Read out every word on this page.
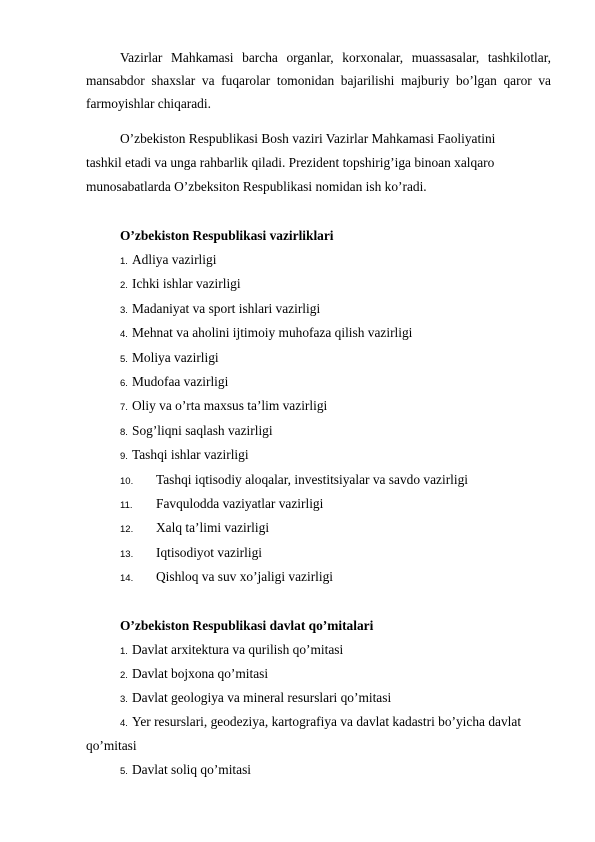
Vazirlar Mahkamasi barcha organlar, korxonalar, muassasalar, tashkilotlar, mansabdor shaxslar va fuqarolar tomonidan bajarilishi majburiy bo’lgan qaror va farmoyishlar chiqaradi.

O’zbekiston Respublikasi Bosh vaziri Vazirlar Mahkamasi Faoliyatini
tashkil etadi va unga rahbarlik qiladi. Prezident topshirig’iga binoan xalqaro
munosabatlarda O’zbeksiton Respublikasi nomidan ish ko’radi.
O’zbekiston Respublikasi vazirliklari
1. Adliya vazirligi
2. Ichki ishlar vazirligi
3. Madaniyat va sport ishlari vazirligi
4. Mehnat va aholini ijtimoiy muhofaza qilish vazirligi
5. Moliya vazirligi
6. Mudofaa vazirligi
7. Oliy va o’rta maxsus ta’lim vazirligi
8. Sog’liqni saqlash vazirligi
9. Tashqi ishlar vazirligi
10. Tashqi iqtisodiy aloqalar, investitsiyalar va savdo vazirligi
11. Favqulodda vaziyatlar vazirligi
12. Xalq ta’limi vazirligi
13. Iqtisodiyot vazirligi
14. Qishloq va suv xo’jaligi vazirligi
O’zbekiston Respublikasi davlat qo’mitalari
1. Davlat arxitektura va qurilish qo’mitasi
2. Davlat bojxona qo’mitasi
3. Davlat geologiya va mineral resurslari qo’mitasi
4. Yer resurslari, geodeziya, kartografiya va davlat kadastri bo’yicha davlat
qo’mitasi
5. Davlat soliq qo’mitasi
